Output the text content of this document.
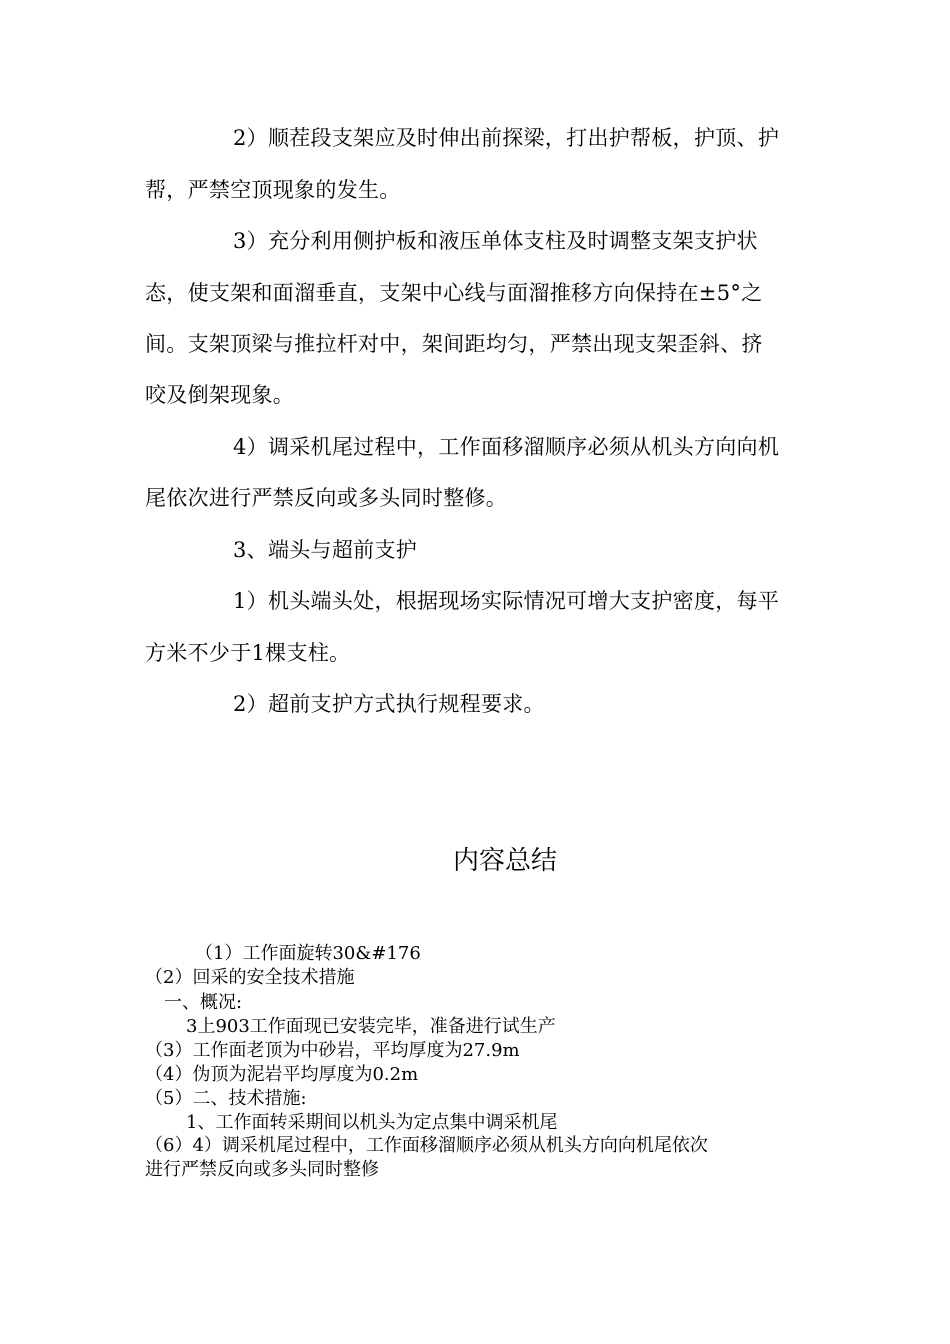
2）顺茬段支架应及时伸出前探梁，打出护帮板，护顶、护
帮，严禁空顶现象的发生。
3）充分利用侧护板和液压单体支柱及时调整支架支护状
态，使支架和面溜垂直，支架中心线与面溜推移方向保持在±5°之
间。支架顶梁与推拉杆对中，架间距均匀，严禁出现支架歪斜、挤
咬及倒架现象。
4）调采机尾过程中，工作面移溜顺序必须从机头方向向机
尾依次进行严禁反向或多头同时整修。
3、端头与超前支护
1）机头端头处，根据现场实际情况可增大支护密度，每平
方米不少于1棵支柱。
2）超前支护方式执行规程要求。
内容总结
（1）工作面旋转30&#176
（2）回采的安全技术措施
一、概况:
3上903工作面现已安装完毕，准备进行试生产
（3）工作面老顶为中砂岩，平均厚度为27.9m
（4）伪顶为泥岩平均厚度为0.2m
（5）二、技术措施:
1、工作面转采期间以机头为定点集中调采机尾
（6）4）调采机尾过程中，工作面移溜顺序必须从机头方向向机尾依次
进行严禁反向或多头同时整修
